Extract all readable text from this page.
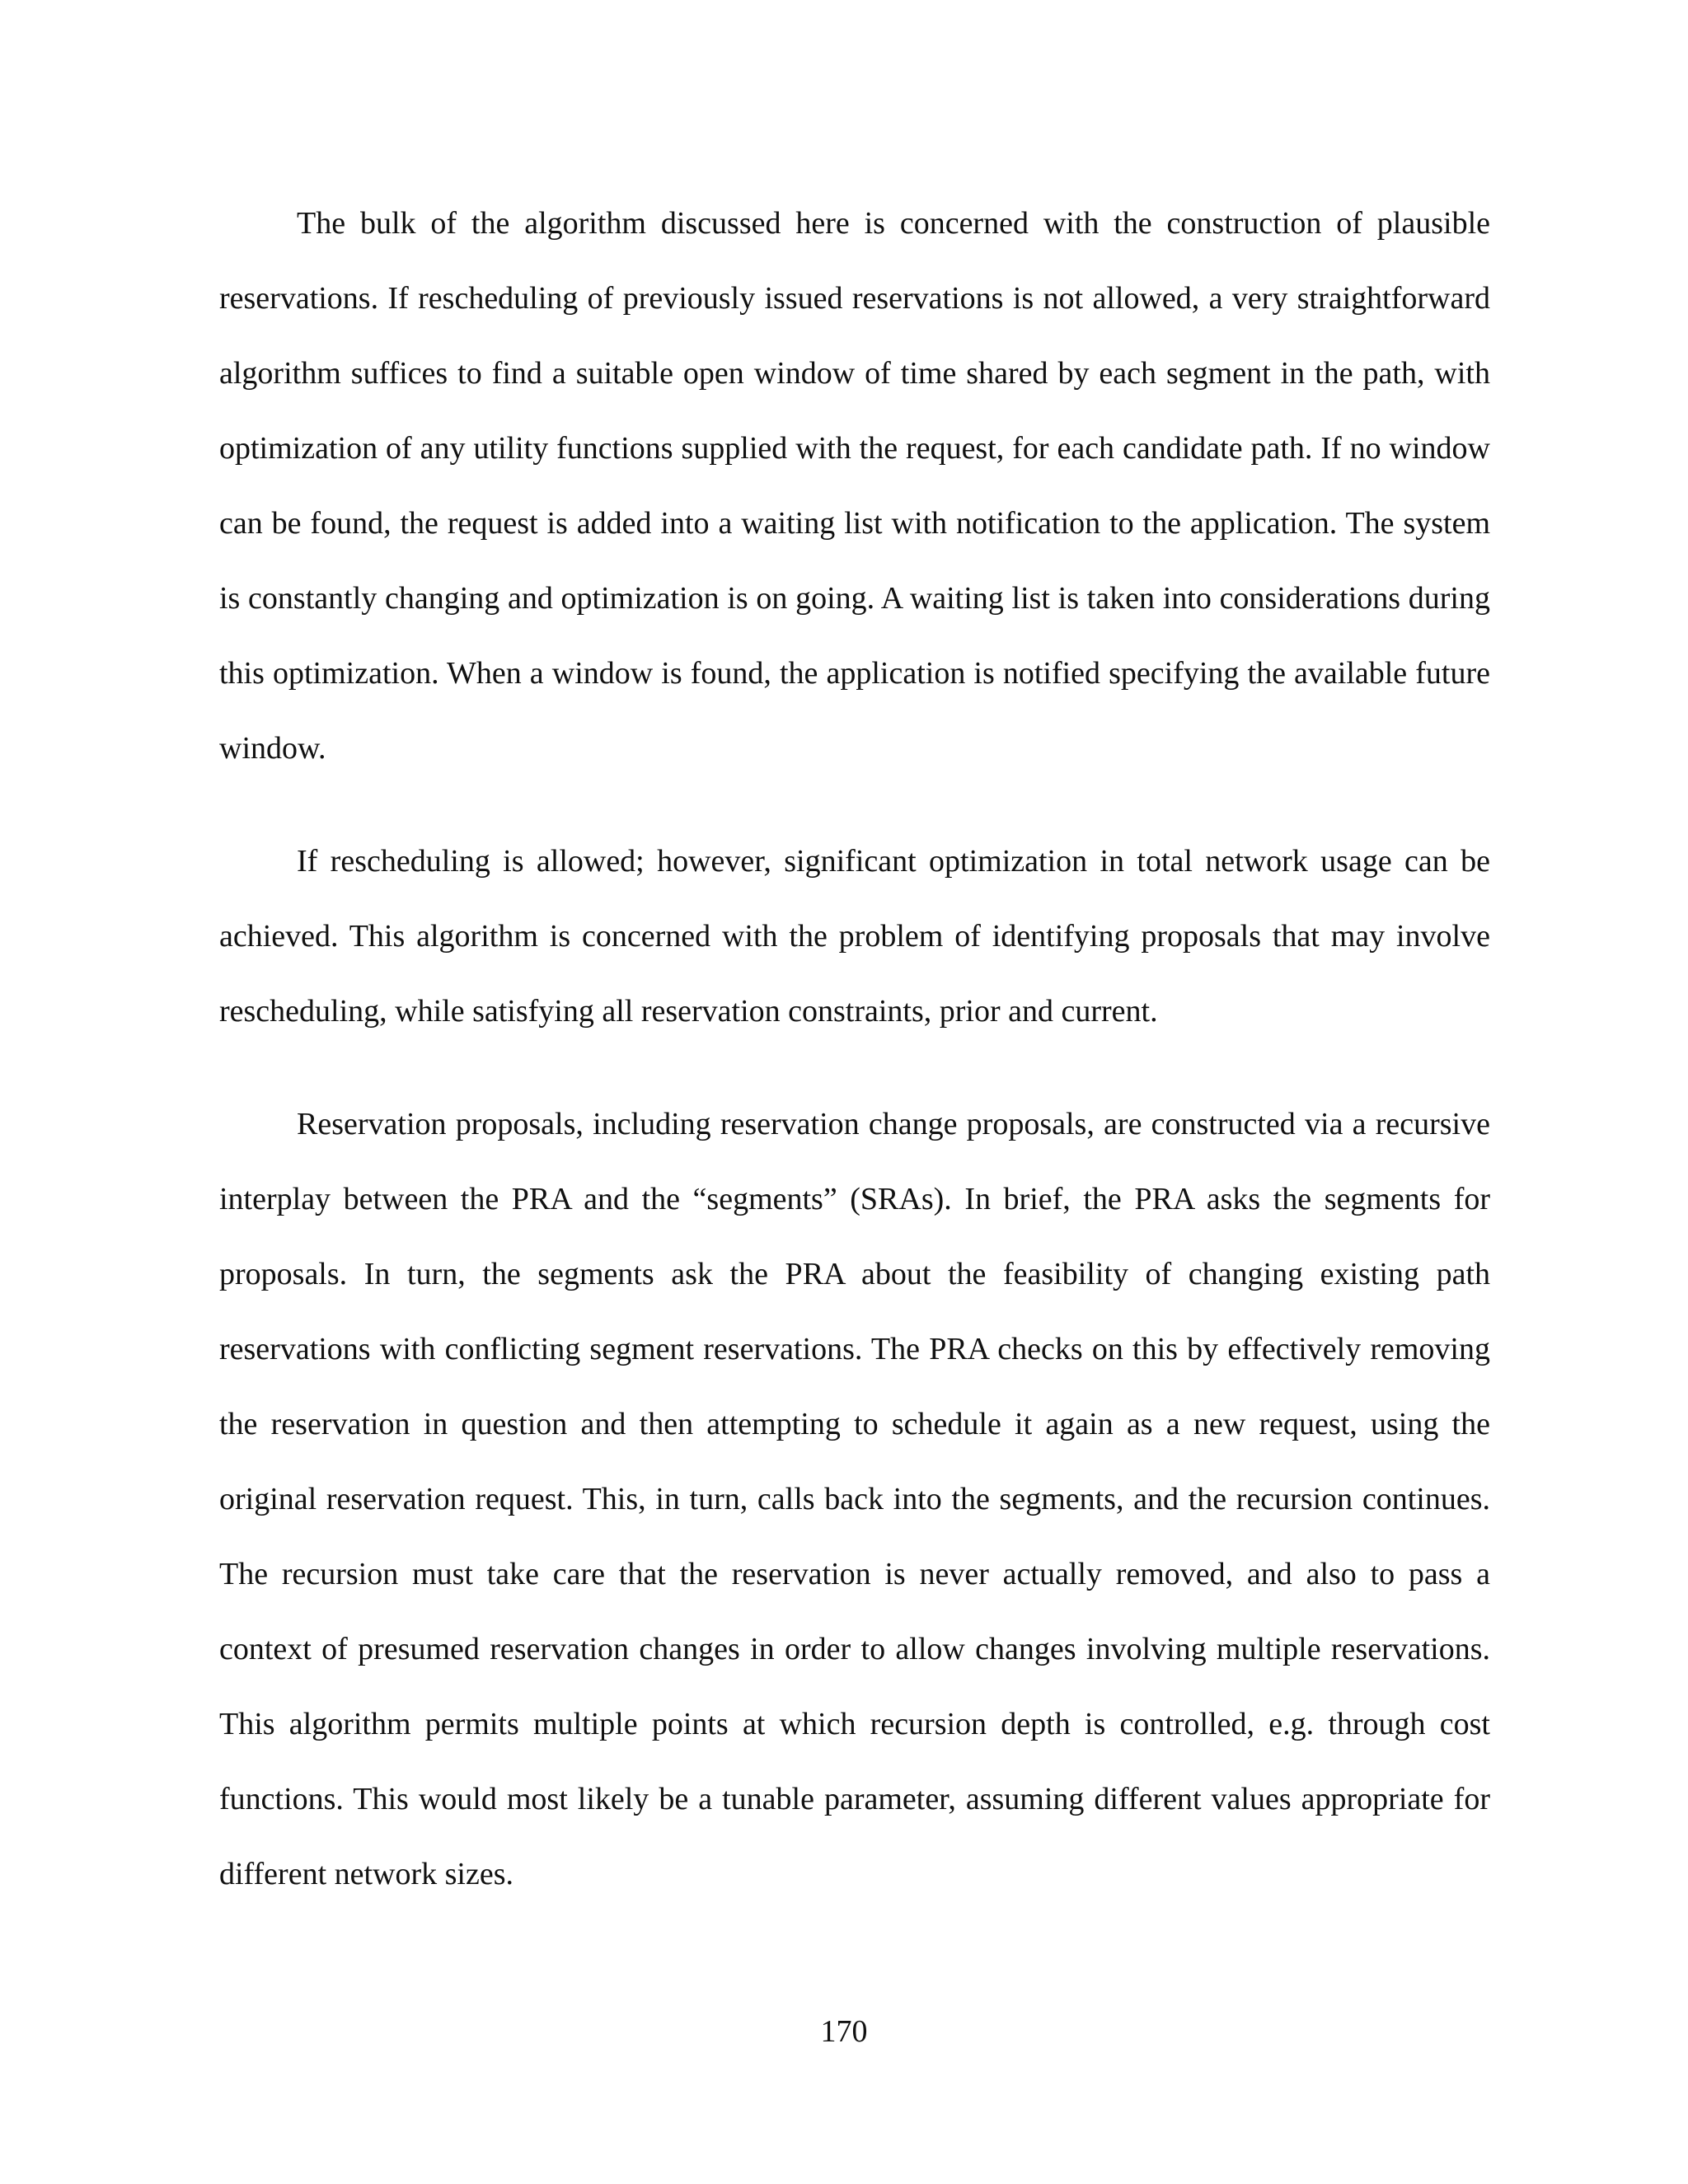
The bulk of the algorithm discussed here is concerned with the construction of plausible reservations. If rescheduling of previously issued reservations is not allowed, a very straightforward algorithm suffices to find a suitable open window of time shared by each segment in the path, with optimization of any utility functions supplied with the request, for each candidate path. If no window can be found, the request is added into a waiting list with notification to the application. The system is constantly changing and optimization is on going. A waiting list is taken into considerations during this optimization. When a window is found, the application is notified specifying the available future window.

If rescheduling is allowed; however, significant optimization in total network usage can be achieved. This algorithm is concerned with the problem of identifying proposals that may involve rescheduling, while satisfying all reservation constraints, prior and current.

Reservation proposals, including reservation change proposals, are constructed via a recursive interplay between the PRA and the “segments” (SRAs). In brief, the PRA asks the segments for proposals. In turn, the segments ask the PRA about the feasibility of changing existing path reservations with conflicting segment reservations. The PRA checks on this by effectively removing the reservation in question and then attempting to schedule it again as a new request, using the original reservation request. This, in turn, calls back into the segments, and the recursion continues. The recursion must take care that the reservation is never actually removed, and also to pass a context of presumed reservation changes in order to allow changes involving multiple reservations. This algorithm permits multiple points at which recursion depth is controlled, e.g. through cost functions. This would most likely be a tunable parameter, assuming different values appropriate for different network sizes.

170
